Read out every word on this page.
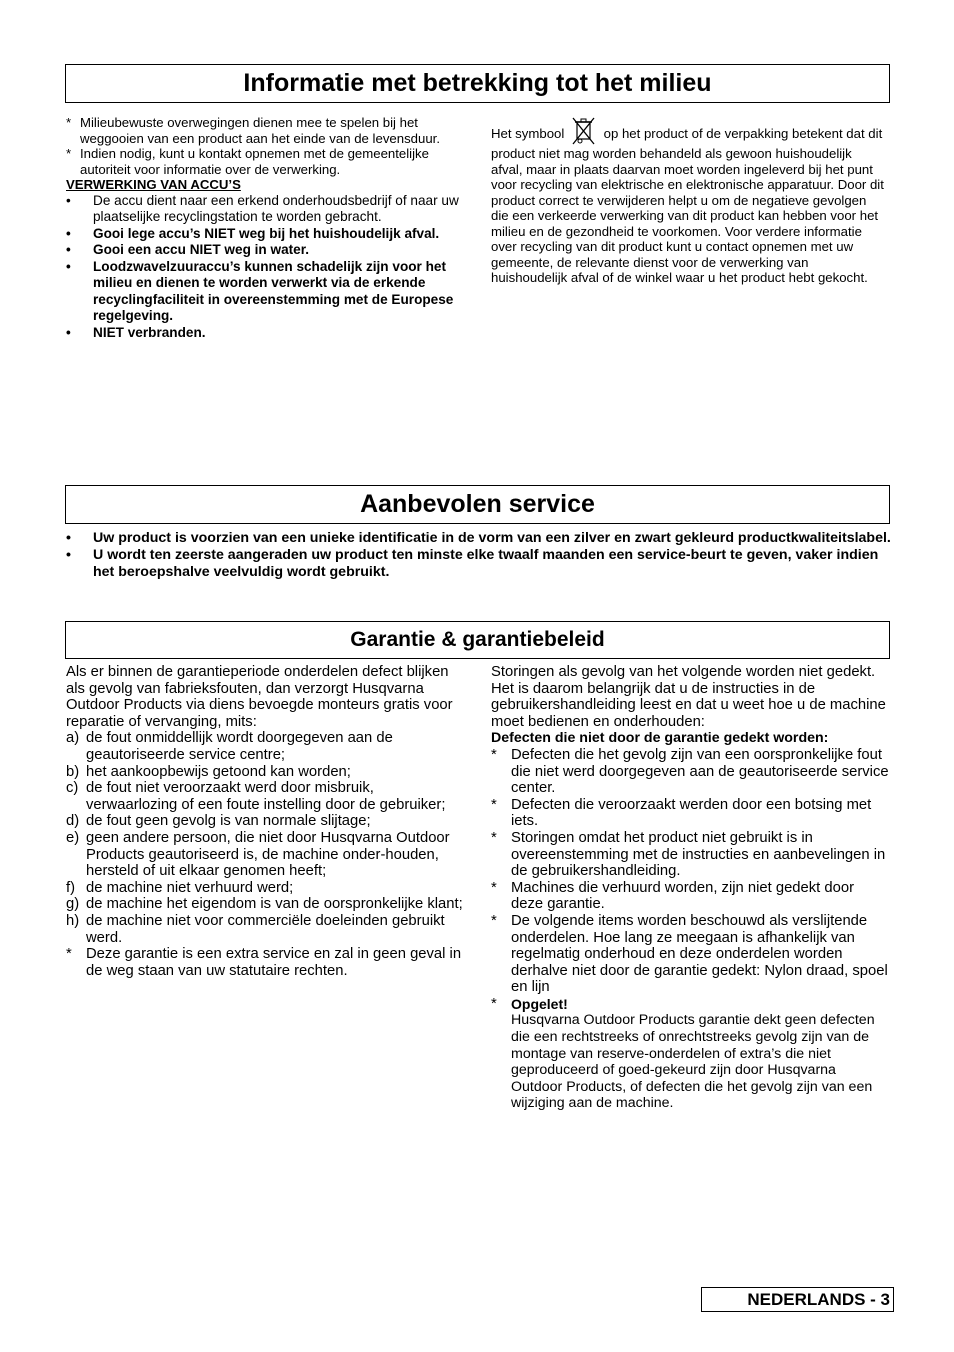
Informatie met betrekking tot het milieu
* Milieubewuste overwegingen dienen mee te spelen bij het weggooien van een product aan het einde van de levensduur.
* Indien nodig, kunt u kontakt opnemen met de gemeentelijke autoriteit voor informatie over de verwerking.
VERWERKING VAN ACCU’S
• De accu dient naar een erkend onderhoudsbedrijf of naar uw plaatselijke recyclingstation te worden gebracht.
• Gooi lege accu’s NIET weg bij het huishoudelijk afval.
• Gooi een accu NIET weg in water.
• Loodzwavelzuuraccu’s kunnen schadelijk zijn voor het milieu en dienen te worden verwerkt via de erkende recyclingfaciliteit in overeenstemming met de Europese regelgeving.
• NIET verbranden.
Het symbool	op het product of de verpakking betekent dat dit product niet mag worden behandeld als gewoon huishoudelijk afval, maar in plaats daarvan moet worden ingeleverd bij het punt voor recycling van elektrische en elektronische apparatuur. Door dit product correct te verwijderen helpt u om de negatieve gevolgen die een verkeerde verwerking van dit product kan hebben voor het milieu en de gezondheid te voorkomen. Voor verdere informatie over recycling van dit product kunt u contact opnemen met uw gemeente, de relevante dienst voor de verwerking van huishoudelijk afval of de winkel waar u het product hebt gekocht.
Aanbevolen service
• Uw product is voorzien van een unieke identificatie in de vorm van een zilver en zwart gekleurd productkwaliteitslabel.
• U wordt ten zeerste aangeraden uw product ten minste elke twaalf maanden een service-beurt te geven, vaker indien het beroepshalve veelvuldig wordt gebruikt.
Garantie & garantiebeleid
Als er binnen de garantieperiode onderdelen defect blijken als gevolg van fabrieksfouten, dan verzorgt Husqvarna Outdoor Products via diens bevoegde monteurs gratis voor reparatie of vervanging, mits:
a) de fout onmiddellijk wordt doorgegeven aan de geautoriseerde service centre;
b) het aankoopbewijs getoond kan worden;
c) de fout niet veroorzaakt werd door misbruik, verwaarlozing of een foute instelling door de gebruiker;
d) de fout geen gevolg is van normale slijtage;
e) geen andere persoon, die niet door Husqvarna Outdoor Products geautoriseerd is, de machine onder-houden, hersteld of uit elkaar genomen heeft;
f) de machine niet verhuurd werd;
g) de machine het eigendom is van de oorspronkelijke klant;
h) de machine niet voor commerciële doeleinden gebruikt werd.
* Deze garantie is een extra service en zal in geen geval in de weg staan van uw statutaire rechten.
Storingen als gevolg van het volgende worden niet gedekt. Het is daarom belangrijk dat u de instructies in de gebruikershandleiding leest en dat u weet hoe u de machine moet bedienen en onderhouden:
Defecten die niet door de garantie gedekt worden:
* Defecten die het gevolg zijn van een oorspronkelijke fout die niet werd doorgegeven aan de geautoriseerde service center.
* Defecten die veroorzaakt werden door een botsing met iets.
* Storingen omdat het product niet gebruikt is in overeenstemming met de instructies en aanbevelingen in de gebruikershandleiding.
* Machines die verhuurd worden, zijn niet gedekt door deze garantie.
* De volgende items worden beschouwd als verslijtende onderdelen. Hoe lang ze meegaan is afhankelijk van regelmatig onderhoud en deze onderdelen worden derhalve niet door de garantie gedekt: Nylon draad, spoel en lijn
* Opgelet!
Husqvarna Outdoor Products garantie dekt geen defecten die een rechtstreeks of onrechtstreeks gevolg zijn van de montage van reserve-onderdelen of extra’s die niet geproduceerd of goed-gekeurd zijn door Husqvarna Outdoor Products, of defecten die het gevolg zijn van een wijziging aan de machine.
NEDERLANDS - 3
